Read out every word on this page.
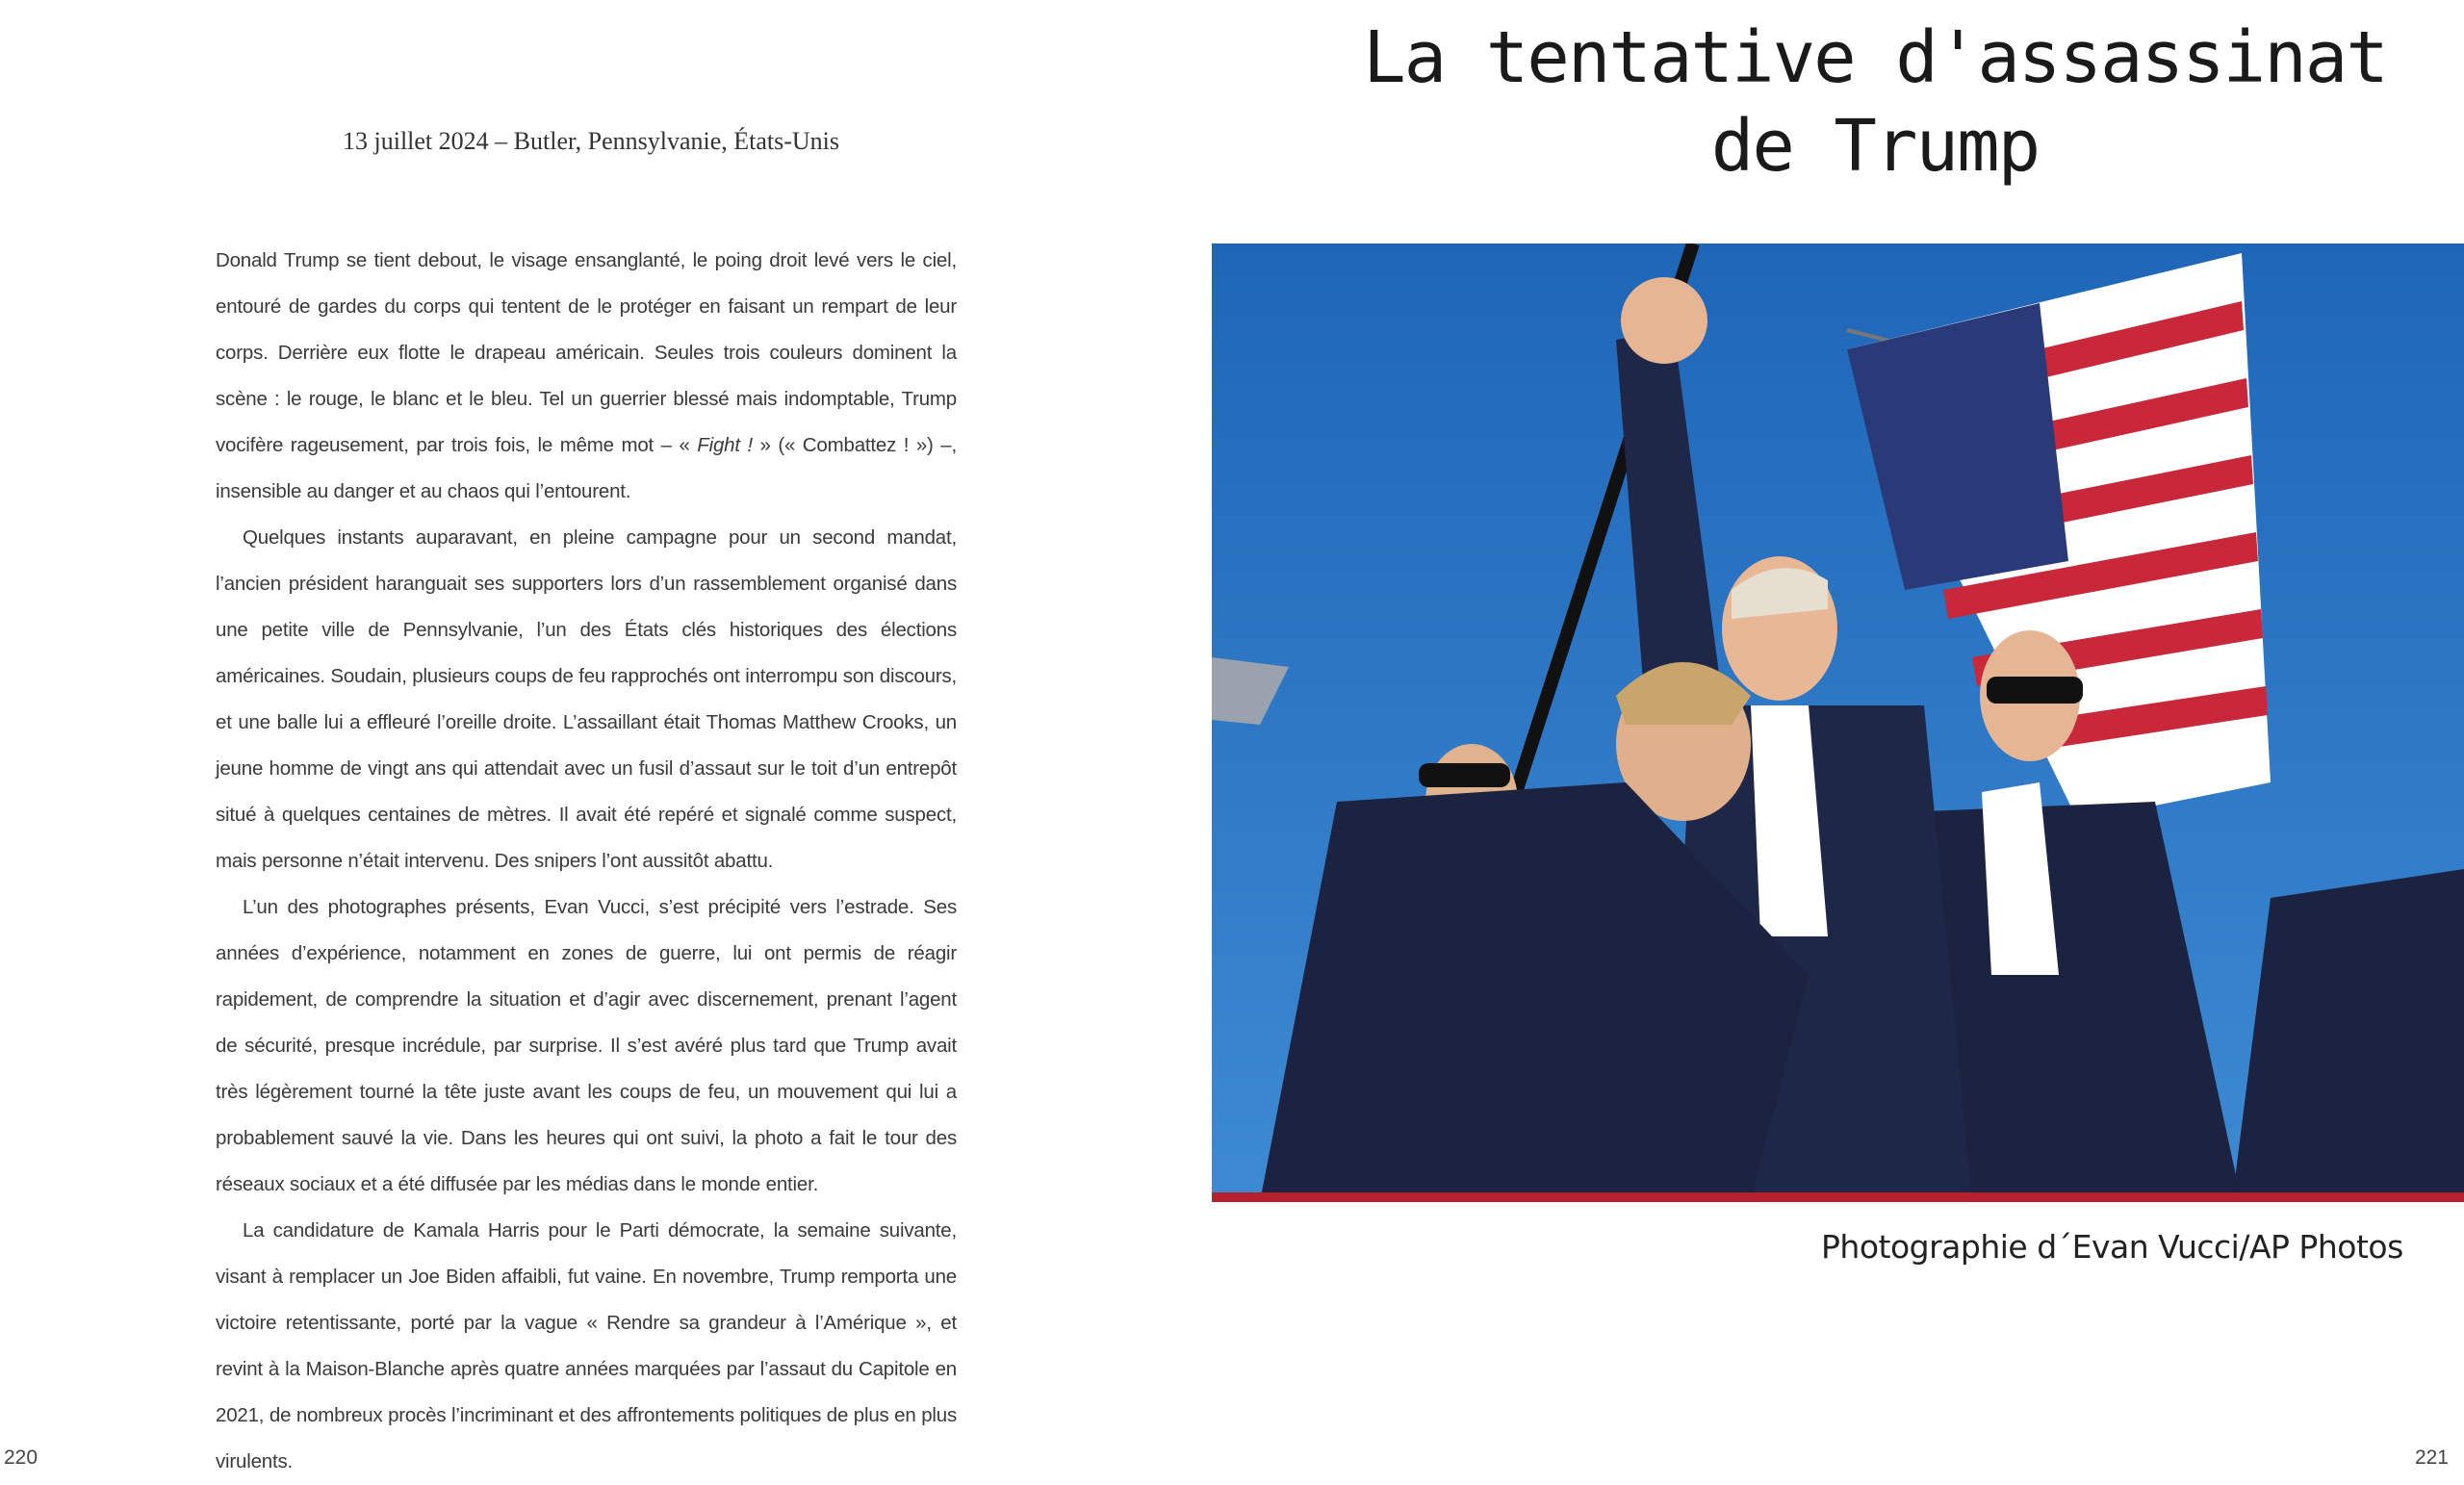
13 juillet 2024 – Butler, Pennsylvanie, États-Unis

Donald Trump se tient debout, le visage ensanglanté, le poing droit levé vers le ciel, entouré de gardes du corps qui tentent de le protéger en faisant un rempart de leur corps. Derrière eux flotte le drapeau américain. Seules trois couleurs dominent la scène : le rouge, le blanc et le bleu. Tel un guerrier blessé mais indomptable, Trump vocifère rageusement, par trois fois, le même mot – « Fight ! » (« Combattez ! ») –, insensible au danger et au chaos qui l’entourent.

Quelques instants auparavant, en pleine campagne pour un second mandat, l’ancien président haranguait ses supporters lors d’un rassemblement organisé dans une petite ville de Pennsylvanie, l’un des États clés historiques des élections américaines. Soudain, plusieurs coups de feu rapprochés ont interrompu son discours, et une balle lui a effleuré l’oreille droite. L’assaillant était Thomas Matthew Crooks, un jeune homme de vingt ans qui attendait avec un fusil d’assaut sur le toit d’un entrepôt situé à quelques centaines de mètres. Il avait été repéré et signalé comme suspect, mais personne n’était intervenu. Des snipers l’ont aussitôt abattu.

L’un des photographes présents, Evan Vucci, s’est précipité vers l’estrade. Ses années d’expérience, notamment en zones de guerre, lui ont permis de réagir rapidement, de comprendre la situation et d’agir avec discernement, prenant l’agent de sécurité, presque incrédule, par surprise. Il s’est avéré plus tard que Trump avait très légèrement tourné la tête juste avant les coups de feu, un mouvement qui lui a probablement sauvé la vie. Dans les heures qui ont suivi, la photo a fait le tour des réseaux sociaux et a été diffusée par les médias dans le monde entier.

La candidature de Kamala Harris pour le Parti démocrate, la semaine suivante, visant à remplacer un Joe Biden affaibli, fut vaine. En novembre, Trump remporta une victoire retentissante, porté par la vague « Rendre sa grandeur à l’Amérique », et revint à la Maison-Blanche après quatre années marquées par l’assaut du Capitole en 2021, de nombreux procès l’incriminant et des affrontements politiques de plus en plus virulents.

220
La tentative d'assassinat
de Trump
Photographie d´Evan Vucci/AP Photos
221
